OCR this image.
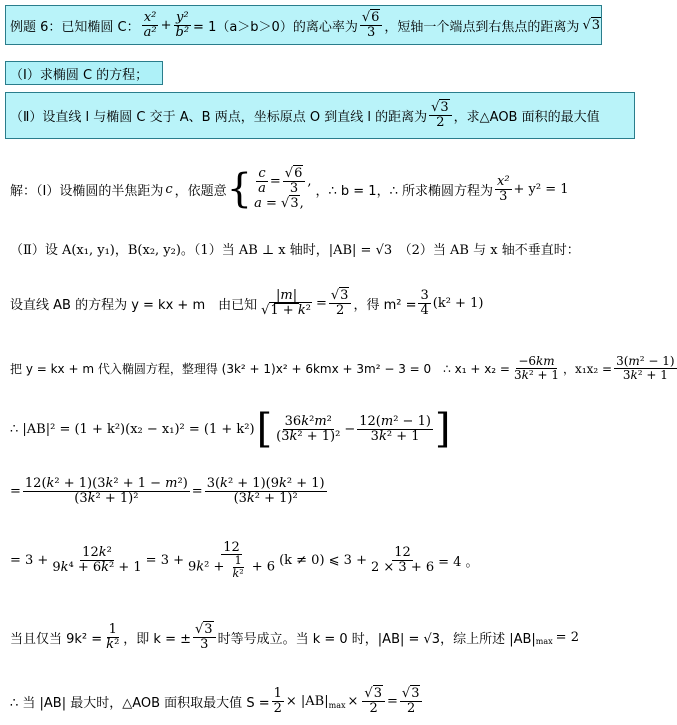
例题 6：已知椭圆 C： $\frac{\text{x²}}{\text{a²}} + \frac{\text{y²}}{\text{b²}} = 1(a>b>0)$的离心率为 $\frac{√6}{3}$ ，短轴一个端点到右焦点的距离为 √3
（Ⅰ）求椭圆 C 的方程；
（Ⅱ）设直线 l 与椭圆 C 交于 A、B 两点，坐标原点 O 到直线 l 的距离为 $\frac{√3}{2}$ ，求△AOB 面积的最大值
解：（Ⅰ）设椭圆的半焦距为 c ，依题意 { $\frac{c}{a} = \frac{√6}{3}$ ,
a = √3,
，∴ b = 1，∴ 所求椭圆方程为 $\frac{\text{x²}}{3} + y^2 = 1$
（Ⅱ）设 A(x₁, y₁)，B(x₂, y₂)。（1）当 AB ⊥ x 轴时，|AB| = √3　（2）当 AB 与 x 轴不垂直时：
设直线 AB 的方程为 y = kx + m　由已知 $\frac{|m|}{\text{√1 + k²}} = \frac{√3}{2}$ ，得 $m^2 = \frac{3}{4} (k^2 + 1)$
把 y = kx + m 代入椭圆方程，整理得 (3k² + 1)x² + 6kmx + 3m² − 3 = 0　∴ $x_1 + x_2 = \frac{-6km}{\text{3k² + 1}}$ ，$x_1x_2 = \frac{\text{3(m² − 1)}}{\text{3k² + 1}}$
∴ |AB|² = (1 + k²)(x₂ − x₁)² = (1 + k²) [ $\frac{\text{36k²m²}}{\text{(3k² + 1)²}} - \frac{\text{12(m² − 1)}}{\text{3k² + 1}}$ ]
= $\frac{\text{12(k² + 1)(3k² + 1 − m²)}}{\text{(3k² + 1)²}} = \frac{\text{3(k² + 1)(9k² + 1)}}{\text{(3k² + 1)²}}$
= $3 + \frac{\text{12k²}}{\text{9k⁴ + 6k² + 1}} = 3 + \frac{12}{9k^2 + \frac{1}{\text{k²}} + 6} (k \ne 0)$ ⩽ $3 + \frac{12}{2 \times 3 + 6} = 4$ 。
当且仅当 $9k^2 = \frac{1}{\text{k²}}$ ，即 k = ± $\frac{√3}{3}$ 时等号成立。当 k = 0 时，|AB| = √3，综上所述 $|AB|_{max} = 2$
∴ 当 |AB| 最大时，△AOB 面积取最大值 $S = \frac{1}{2} \times |AB|_{max} \times \frac{√3}{2} = \frac{√3}{2}$
